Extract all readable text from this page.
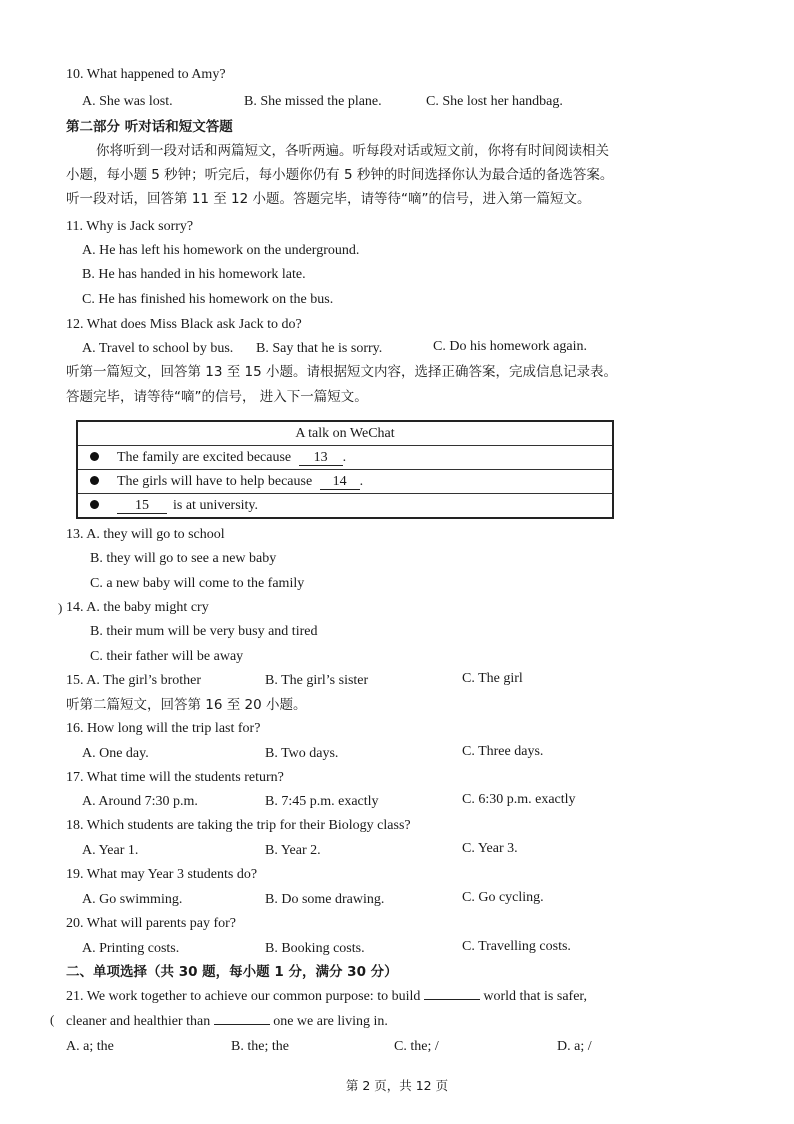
10. What happened to Amy?
A. She was lost.	B. She missed the plane.	C. She lost her handbag.
第二部分 听对话和短文答题
你将听到一段对话和两篇短文，各听两遍。听每段对话或短文前，你将有时间阅读相关
小题，每小题 5 秒钟；听完后，每小题你仍有 5 秒钟的时间选择你认为最合适的备选答案。
听一段对话，回答第 11 至 12 小题。答题完毕，请等待“嘀”的信号，进入第一篇短文。
11. Why is Jack sorry?
A. He has left his homework on the underground.
B. He has handed in his homework late.
C. He has finished his homework on the bus.
12. What does Miss Black ask Jack to do?
A. Travel to school by bus. B. Say that he is sorry.	C. Do his homework again.
听第一篇短文，回答第 13 至 15 小题。请根据短文内容，选择正确答案，完成信息记录表。
答题完毕，请等待“嘀”的信号， 进入下一篇短文。
A talk on WeChat
The family are excited because 13 .
The girls will have to help because 14 .
15 is at university.
13. A. they will go to school
B. they will go to see a new baby
C. a new baby will come to the family
) 14. A. the baby might cry
B. their mum will be very busy and tired
C. their father will be away
15. A. The girl’s brother	B. The girl’s sister	C. The girl
听第二篇短文，回答第 16 至 20 小题。
16. How long will the trip last for?
A. One day.	B. Two days.	C. Three days.
17. What time will the students return?
A. Around 7:30 p.m.	B. 7:45 p.m. exactly	C. 6:30 p.m. exactly
18. Which students are taking the trip for their Biology class?
A. Year 1.	B. Year 2.	C. Year 3.
19. What may Year 3 students do?
A. Go swimming.	B. Do some drawing.	C. Go cycling.
20. What will parents pay for?
A. Printing costs.	B. Booking costs.	C. Travelling costs.
二、单项选择（共 30 题，每小题 1 分，满分 30 分）
21. We work together to achieve our common purpose: to build	world that is safer,
( cleaner and healthier than	one we are living in.
A. a; the	B. the; the	C. the; /	D. a; /
第 2 页，共 12 页
